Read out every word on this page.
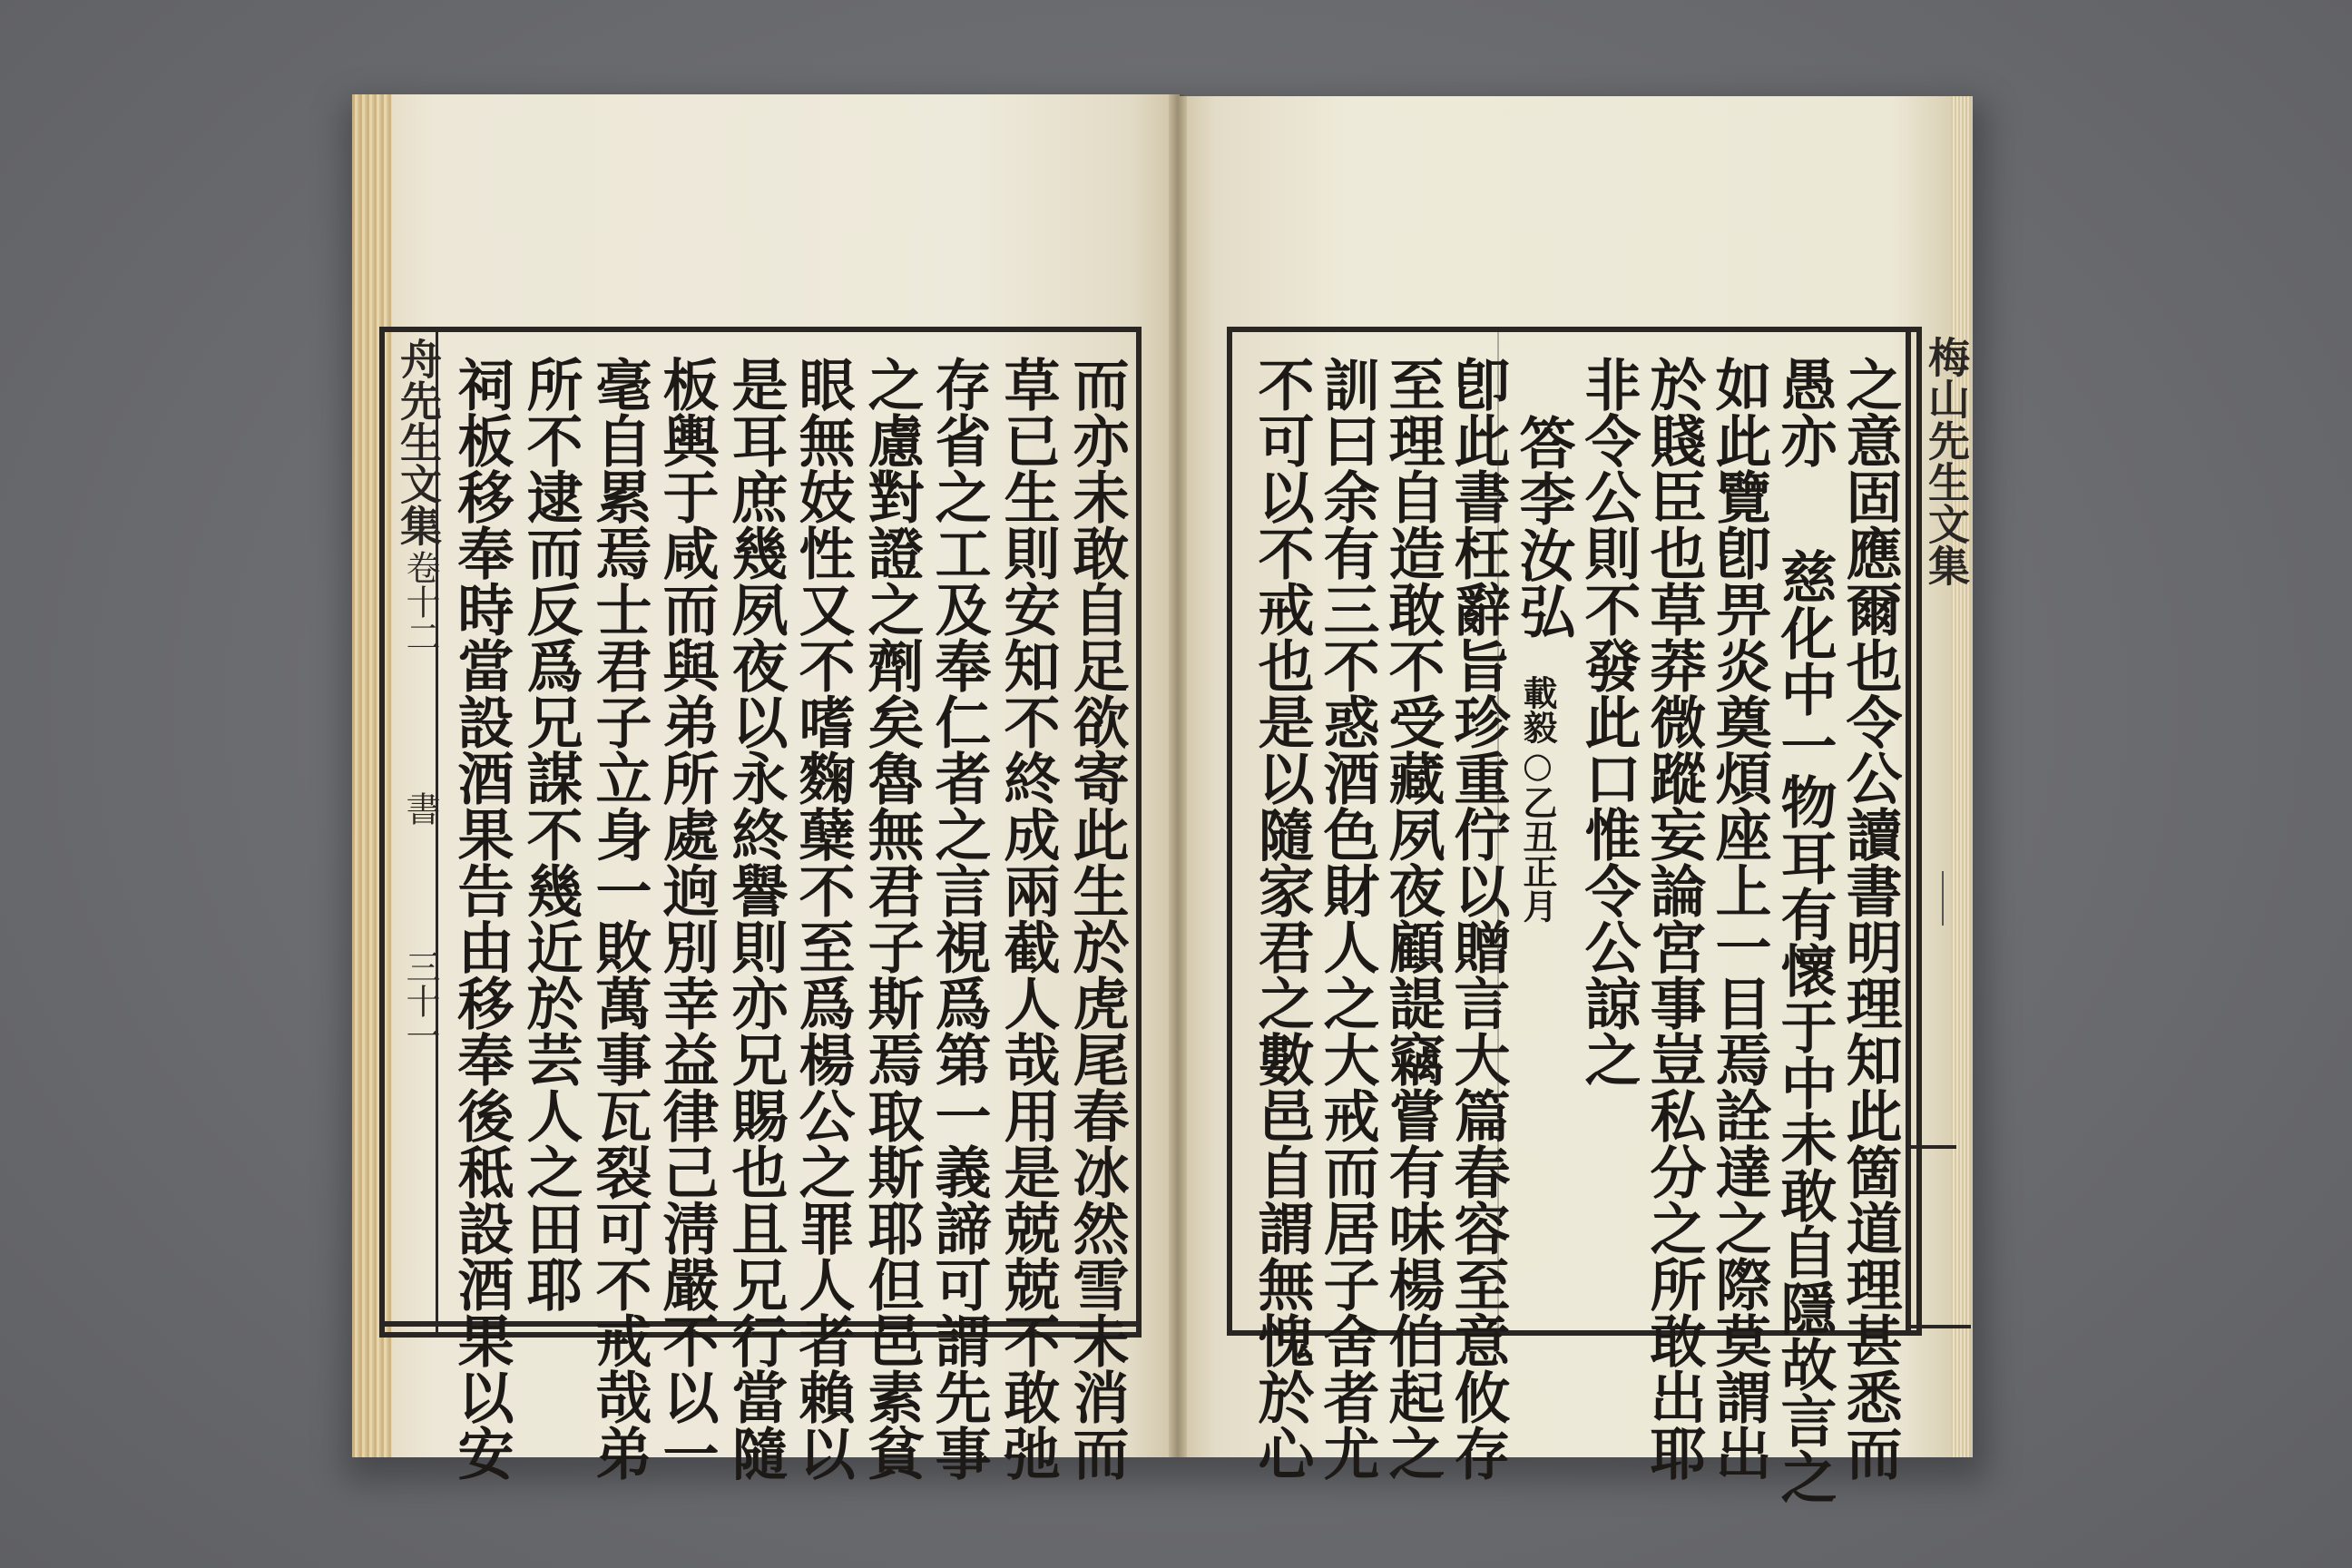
舟先生文集
卷十二
書
三十一	而亦未敢自足欲寄此生於虎尾春冰然雪未消而
草已生則安知不終成兩截人哉用是兢兢不敢弛
存省之工及奉仁者之言視爲第一義諦可謂先事
之慮對證之劑矣魯無君子斯焉取斯耶但邑素貧
眼無妓性又不嗜麴蘖不至爲楊公之罪人者賴以
是耳庶幾夙夜以永終譽則亦兄賜也且兄行當隨
板輿于咸而與弟所處逈別幸益律己淸嚴不以一
毫自累焉士君子立身一敗萬事瓦裂可不戒哉弟
所不逮而反爲兄謀不幾近於芸人之田耶
祠板移奉時當設酒果告由移奉後秪設酒果以安	梅山先生文集
之意固應爾也令公讀書明理知此箇道理甚悉而
愚亦
慈化中一物耳有懷于中未敢自隱故言之
如此覽卽畀炎奠煩座上一目焉詮達之際莫謂出
於賤臣也草莽微蹤妄論宮事豈私分之所敢出耶
非令公則不發此口惟令公諒之
答李汝弘
載毅○乙丑正月
卽此書枉辭旨珍重佇以贈言大篇春容至意攸存
至理自造敢不受藏夙夜顧諟竊嘗有味楊伯起之
訓曰余有三不惑酒色財人之大戒而居子舍者尤
不可以不戒也是以隨家君之數邑自謂無愧於心
